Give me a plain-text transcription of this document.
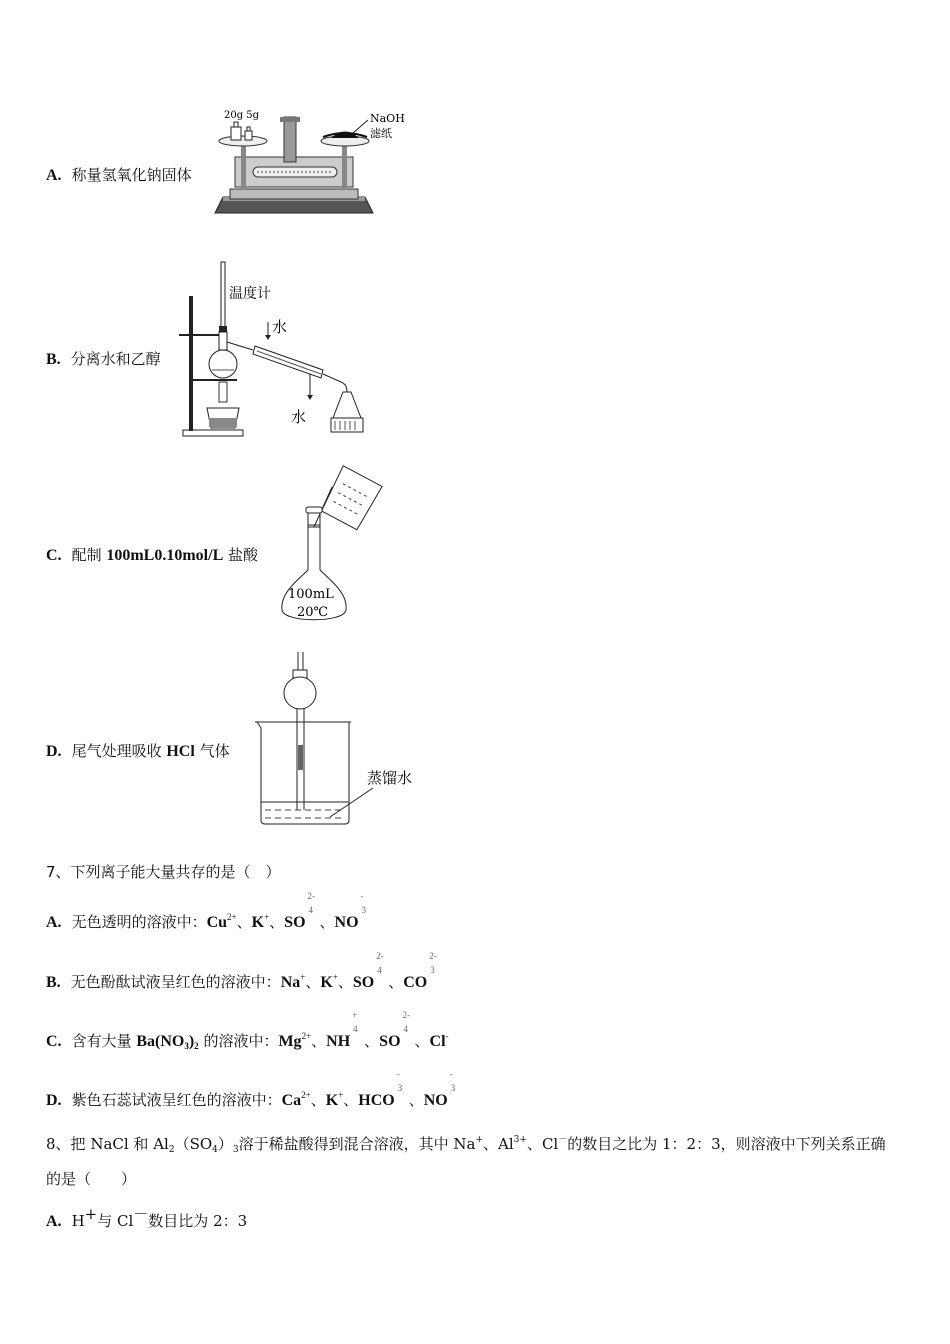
A. 称量氢氧化钠固体
20g 5g	NaOH
滤纸
B. 分离水和乙醇
温度计
水
水
C. 配制 100mL0.10mol/L 盐酸
100mL
20℃
D. 尾气处理吸收 HCl 气体
蒸馏水
7、下列离子能大量共存的是（　）
A. 无色透明的溶液中：$Cu^{2+}$、K+、SO
2-
4
、NO
-
3
B. 无色酚酞试液呈红色的溶液中：Na+、K+、SO
2-
4
、CO
2-
3
C. 含有大量 $Ba(NO_3)_2$ 的溶液中：$Mg^{2+}$、NH
+
4
、SO
2-
4
、Cl-
D. 紫色石蕊试液呈红色的溶液中：$Ca^{2+}$、K+、HCO
-
3
、NO
-
3
8、把 NaCl 和 $Al_2(SO_4)_3$溶于稀盐酸得到混合溶液，其中 Na+、$Al^{3+}$、Cl－的数目之比为 1：2：3，则溶液中下列关系正确
的是（　　）
A. H+与 Cl－数目比为 2：3
